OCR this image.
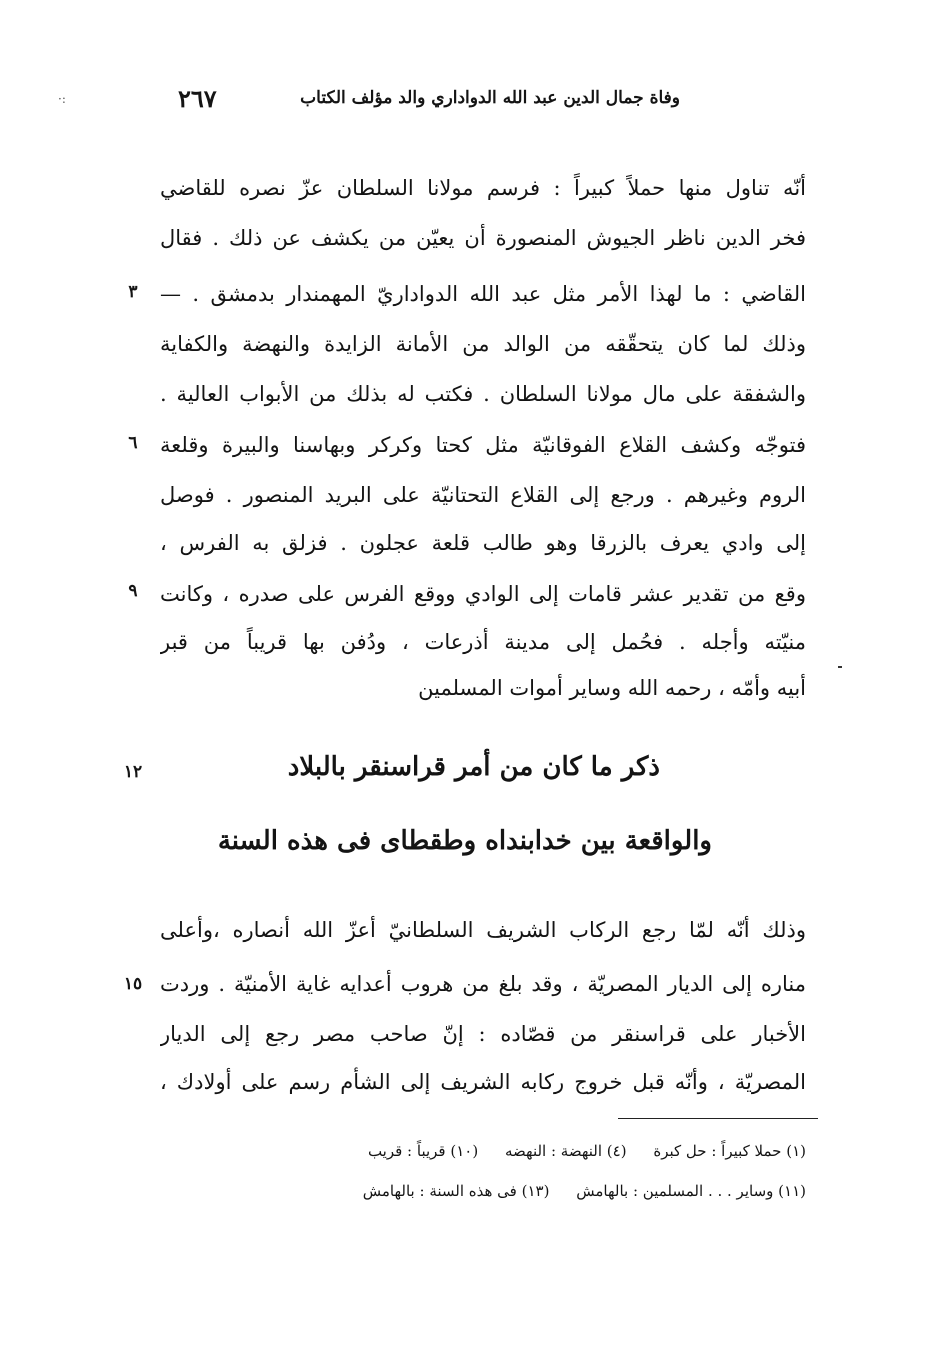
·:	٢٦٧	وفاة جمال الدين عبد الله الدواداري والد مؤلف الكتاب
أنّه تناول منها حملاً كبيراً : فرسم مولانا السلطان عزّ نصره للقاضي
فخر الدين ناظر الجيوش المنصورة أن يعيّن من يكشف عن ذلك . فقال
القاضي : ما لهذا الأمر مثل عبد الله الدواداريّ المهمندار بدمشق . —
وذلك لما كان يتحقّقه من الوالد من الأمانة الزايدة والنهضة والكفاية
والشفقة على مال مولانا السلطان . فكتب له بذلك من الأبواب العالية .
فتوجّه وكشف القلاع الفوقانيّة مثل كحتا وكركر وبهاسنا والبيرة وقلعة
الروم وغيرهم . ورجع إلى القلاع التحتانيّة على البريد المنصور . فوصل
إلى وادي يعرف بالزرقا وهو طالب قلعة عجلون . فزلق به الفرس ،
وقع من تقدير عشر قامات إلى الوادي ووقع الفرس على صدره ، وكانت
منيّته وأجله . فحُمل إلى مدينة أذرعات ، ودُفن بها قريباً من قبر
أبيه وأمّه ، رحمه الله وساير أموات المسلمين
٣
٦
٩
١٢
١٥
ذكر ما كان من أمر قراسنقر بالبلاد
والواقعة بين خدابنداه وطقطاى فى هذه السنة
وذلك أنّه لمّا رجع الركاب الشريف السلطانيّ أعزّ الله أنصاره ،وأعلى
مناره إلى الديار المصريّة ، وقد بلغ من هروب أعدايه غاية الأمنيّة . وردت
الأخبار على قراسنقر من قصّاده : إنّ صاحب مصر رجع إلى الديار
المصريّة ، وأنّه قبل خروج ركابه الشريف إلى الشأم رسم على أولادك ،
(١) حملا كبيراً : حل كبرة (٤) النهضة : النهضه (١٠) قريباً : قريب
(١١) وساير . . . المسلمين : بالهامش (١٣) فى هذه السنة : بالهامش
